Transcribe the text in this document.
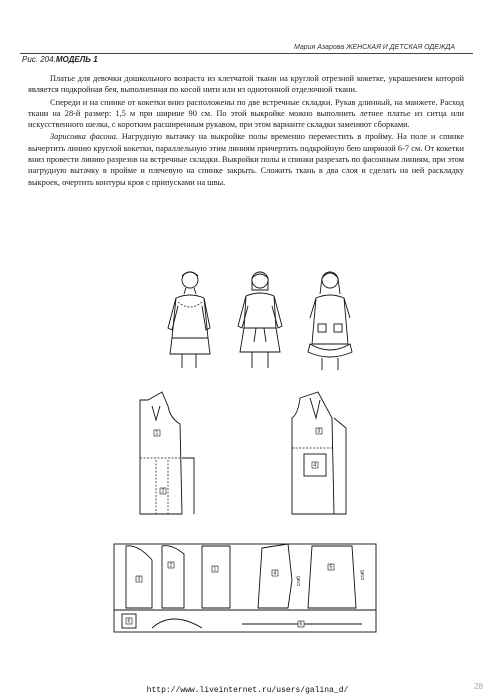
Мария Азарова ЖЕНСКАЯ И ДЕТСКАЯ ОДЕЖДА
Рис. 204.МОДЕЛЬ 1

Платье для девочки дошкольного возраста из клетчатой ткани на круглой отрезной кокетке, украшением которой является подкройная бея, выполненная по косой нити или из однотонной отделочной ткани.

Спереди и на спинке от кокетки вниз расположены по две встречные складки. Рукав длинный, на манжете. Расход ткани на 28-й размер: 1,5 м при ширине 90 см. По этой выкройке можно выполнить летнее платье из ситца или искусственного шелка, с коротким расширенным рукавом, при этом варианте складки заменяют сборками.

Зарисовка фасона. Нагрудную вытачку на выкройке полы временно переместить в пройму. На поле и спинке вычертить линию круглой кокетки, параллельную этим линиям причертить подкройную бею шириной 6-7 см. От кокетки вниз провести линию разрезов на встречные складки. Выкройки полы и спинки разрезать по фасонным линиям, при этом нагрудную вытачку в пройме и плечевую на спинке закрыть. Сложить ткань в два слоя и сделать на ней раскладку выкроек, очертить контуры кроя с припусками на швы.

1
2
3
4
3
2
1
4
5
сгиб
сгиб
6	6
28
http://www.liveinternet.ru/users/galina_d/
